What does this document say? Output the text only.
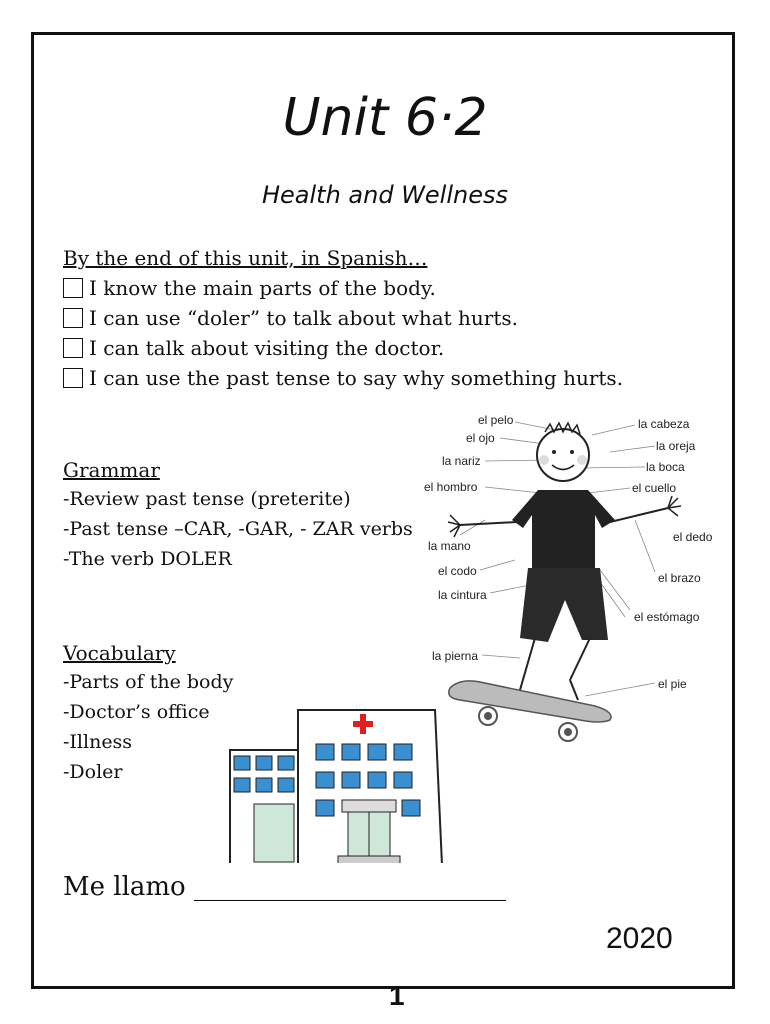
Unit 6·2
Health and Wellness
By the end of this unit, in Spanish…
I know the main parts of the body.
I can use “doler” to talk about what hurts.
I can talk about visiting the doctor.
I can use the past tense to say why something hurts.
Grammar
-Review past tense (preterite)
-Past tense –CAR, -GAR, - ZAR verbs
-The verb DOLER
Vocabulary
-Parts of the body
-Doctor’s office
-Illness
-Doler
el pelo
el ojo
la nariz
el hombro
la mano
el codo
la cintura
la pierna
la cabeza
la oreja
la boca
el cuello
el dedo
el brazo
el estómago
el pie
Me llamo ________________________
2020
1
